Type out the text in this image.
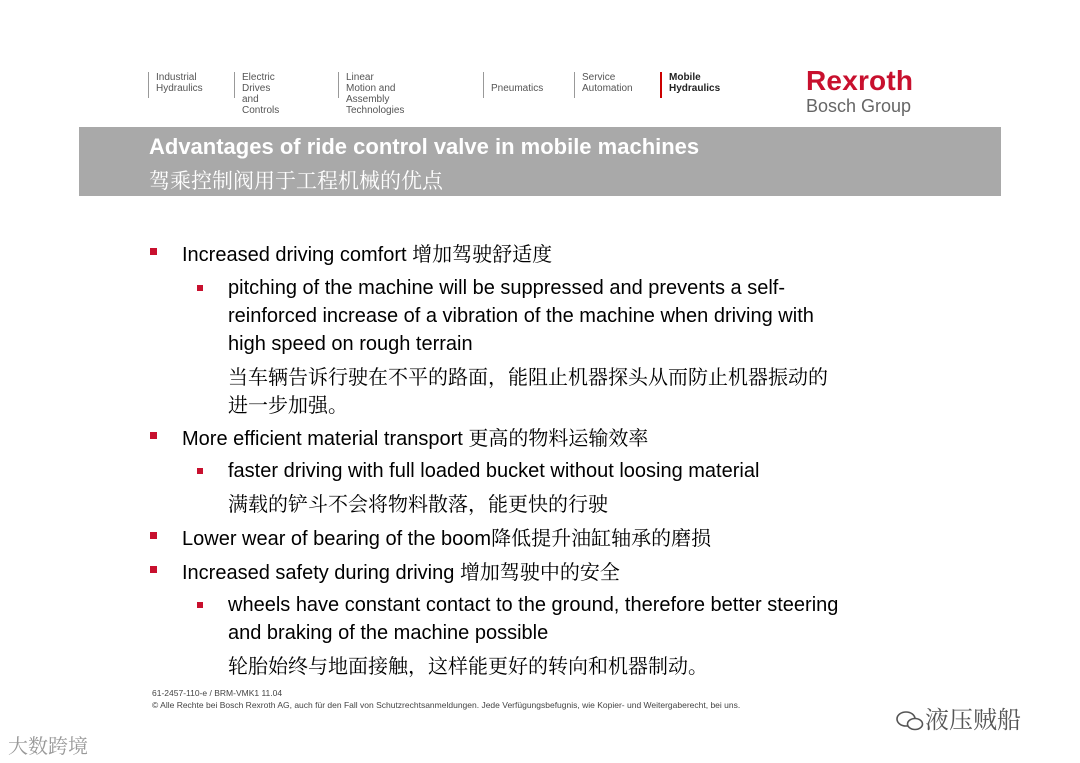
Industrial
Hydraulics
Electric Drives
and Controls
Linear Motion and
Assembly Technologies

Pneumatics
Service
Automation
Mobile
Hydraulics	Rexroth
Bosch Group
Advantages of ride control valve in mobile machines
驾乘控制阀用于工程机械的优点
Increased driving comfort 增加驾驶舒适度
pitching of the machine will be suppressed and prevents a self-
reinforced increase of a vibration of the machine when driving with
high speed on rough terrain
当车辆告诉行驶在不平的路面，能阻止机器探头从而防止机器振动的
进一步加强。
More efficient material transport 更高的物料运输效率
faster driving with full loaded bucket without loosing material
满载的铲斗不会将物料散落，能更快的行驶
Lower wear of bearing of the boom降低提升油缸轴承的磨损
Increased safety during driving 增加驾驶中的安全
wheels have constant contact to the ground, therefore better steering
and braking of the machine possible
轮胎始终与地面接触，这样能更好的转向和机器制动。
61-2457-110-e / BRM-VMK1 11.04
© Alle Rechte bei Bosch Rexroth AG, auch für den Fall von Schutzrechtsanmeldungen. Jede Verfügungsbefugnis, wie Kopier- und Weitergaberecht, bei uns.
液压贼船
大数跨境
